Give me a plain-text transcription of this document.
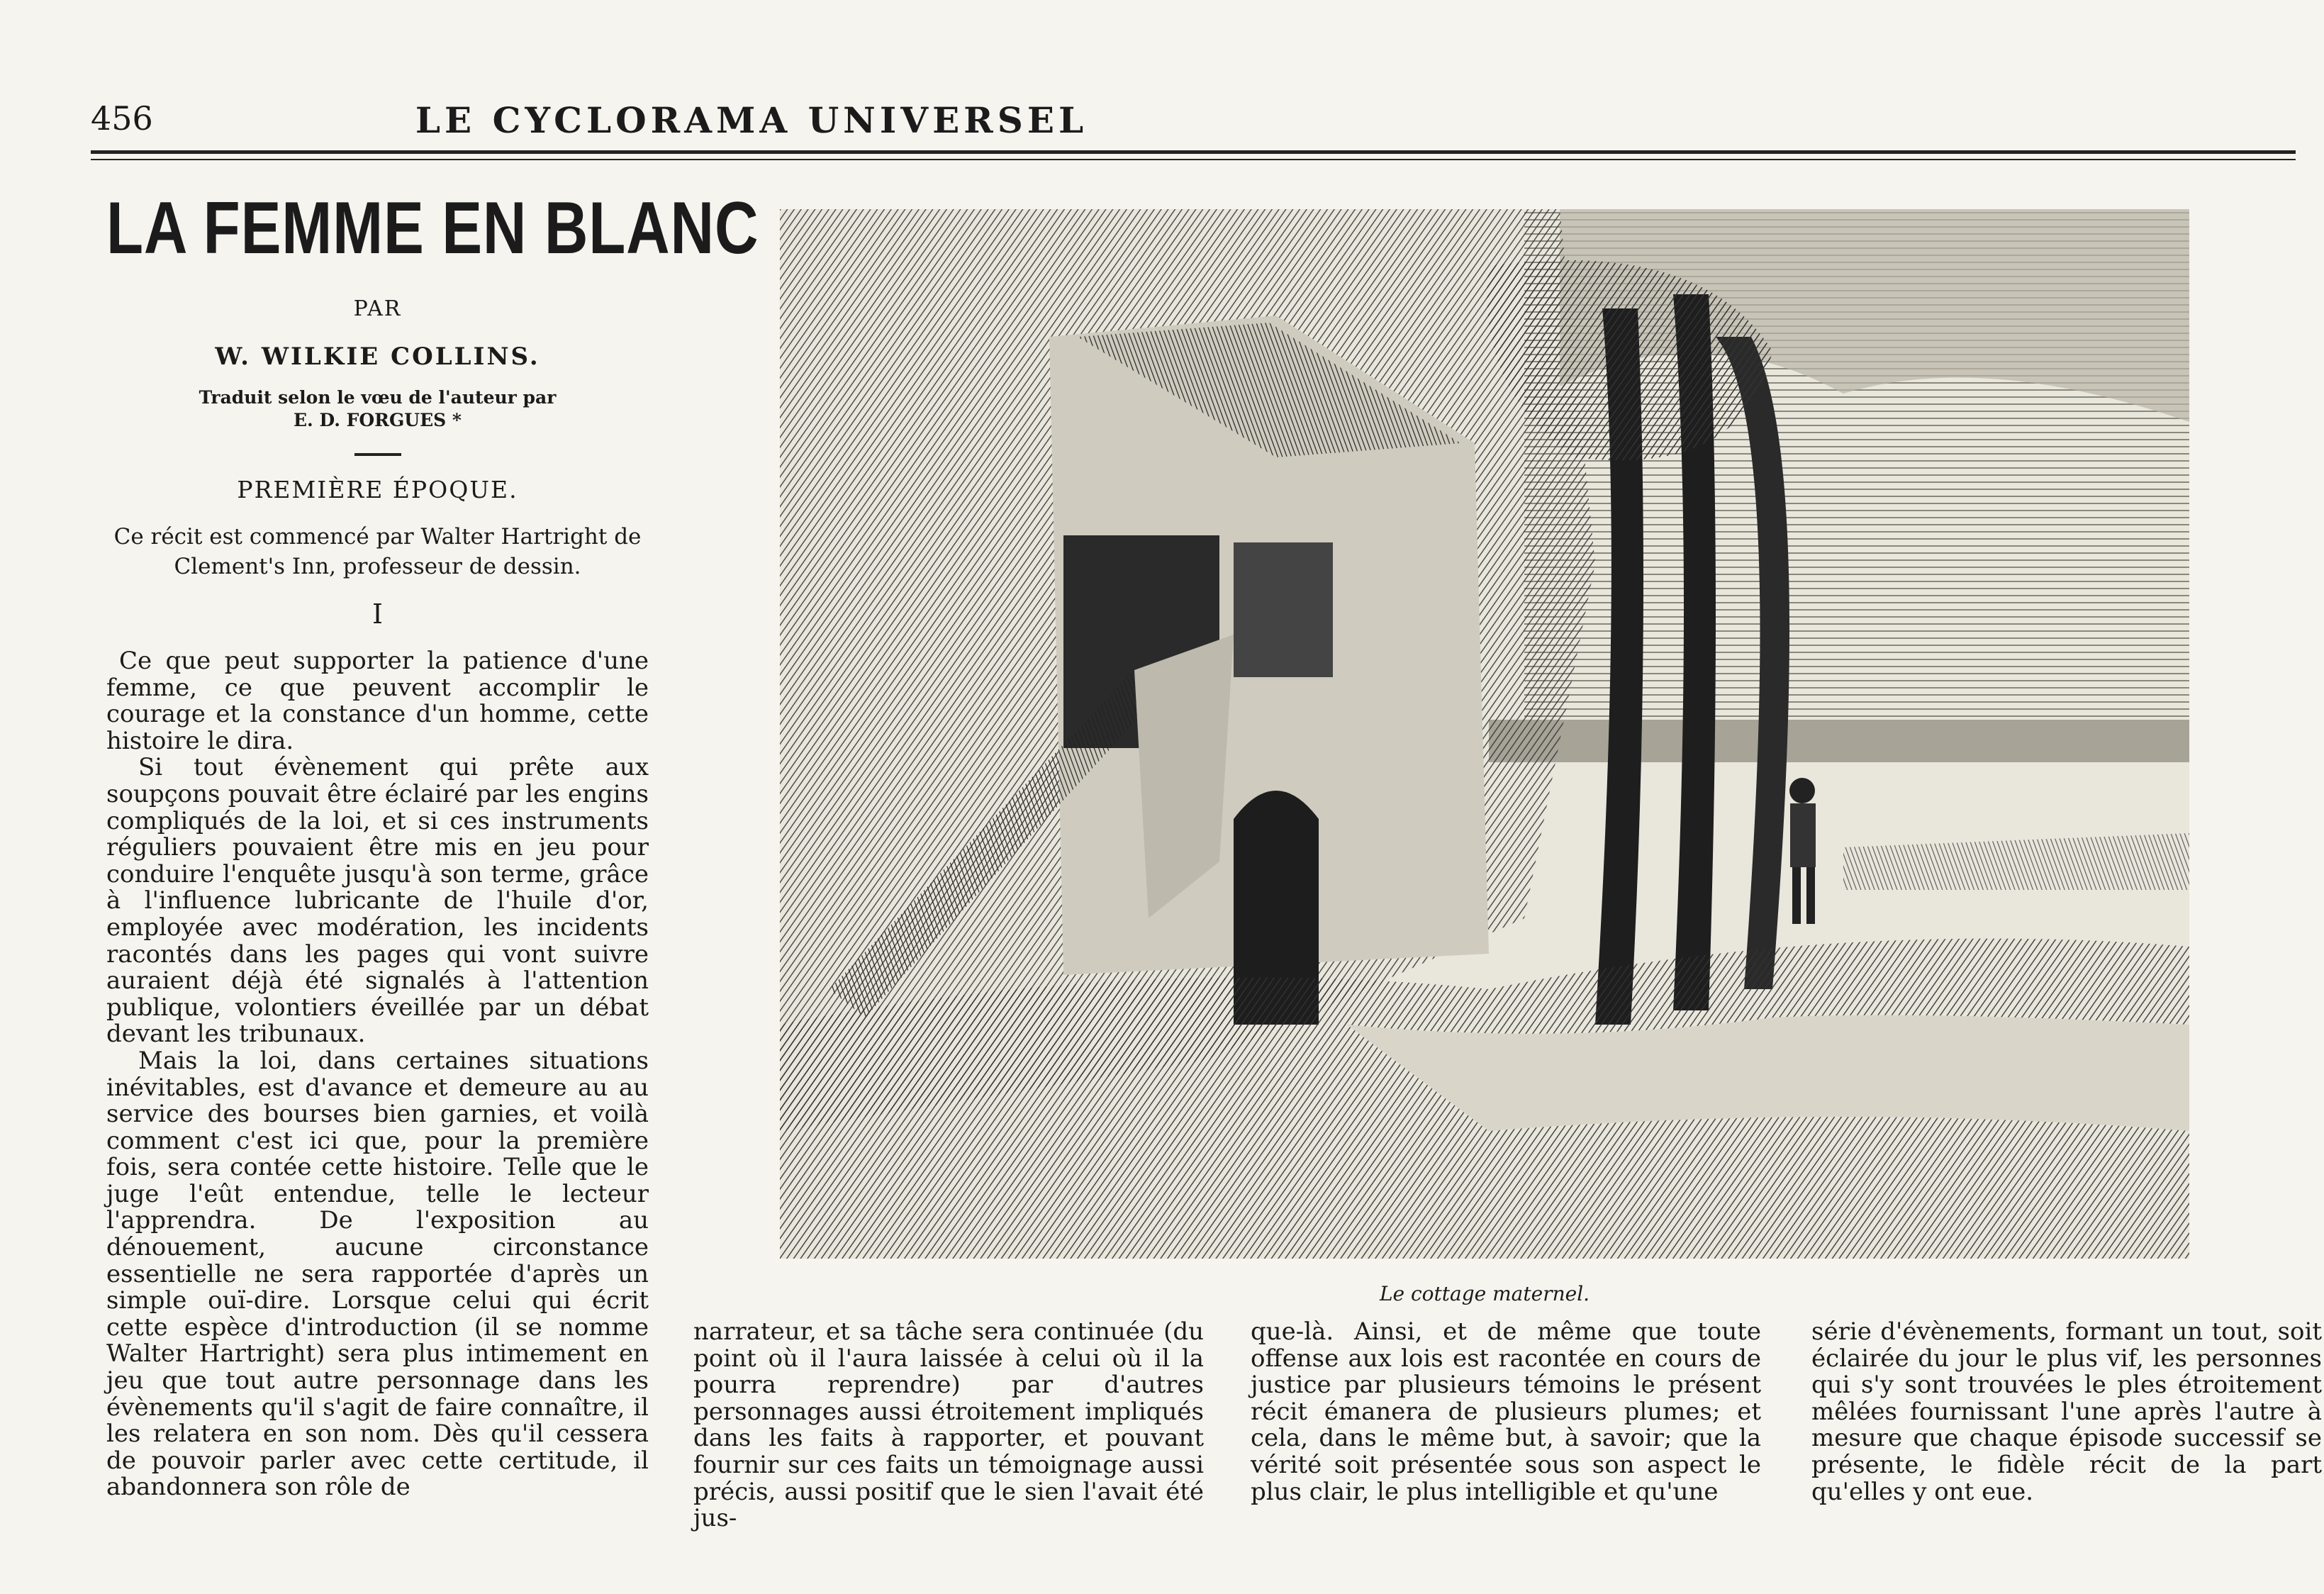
456	LE CYCLORAMA UNIVERSEL
LA FEMME EN BLANC
PAR
W. WILKIE COLLINS.
Traduit selon le vœu de l'auteur par
E. D. FORGUES *
PREMIÈRE ÉPOQUE.
Ce récit est commencé par Walter Hartright de Clement's Inn, professeur de dessin.
I

Ce que peut supporter la patience d'une femme, ce que peuvent accomplir le courage et la constance d'un homme, cette histoire le dira.

Si tout évènement qui prête aux soupçons pouvait être éclairé par les engins compliqués de la loi, et si ces instruments réguliers pouvaient être mis en jeu pour conduire l'enquête jusqu'à son terme, grâce à l'influence lubricante de l'huile d'or, employée avec modération, les incidents racontés dans les pages qui vont suivre auraient déjà été signalés à l'attention publique, volontiers éveillée par un débat devant les tribunaux.

Mais la loi, dans certaines situations inévitables, est d'avance et demeure au au service des bourses bien garnies, et voilà comment c'est ici que, pour la première fois, sera contée cette histoire. Telle que le juge l'eût entendue, telle le lecteur l'apprendra. De l'exposition au dénouement, aucune circonstance essentielle ne sera rapportée d'après un simple ouï-dire. Lorsque celui qui écrit cette espèce d'introduction (il se nomme Walter Hartright) sera plus intimement en jeu que tout autre personnage dans les évènements qu'il s'agit de faire connaître, il les relatera en son nom. Dès qu'il cessera de pouvoir parler avec cette certitude, il abandonnera son rôle de

Le cottage maternel.

narrateur, et sa tâche sera continuée (du point où il l'aura laissée à celui où il la pourra reprendre) par d'autres personnages aussi étroitement impliqués dans les faits à rapporter, et pouvant fournir sur ces faits un témoignage aussi précis, aussi positif que le sien l'avait été jus-

que-là. Ainsi, et de même que toute offense aux lois est racontée en cours de justice par plusieurs témoins le présent récit émanera de plusieurs plumes; et cela, dans le même but, à savoir; que la vérité soit présentée sous son aspect le plus clair, le plus intelligible et qu'une

série d'évènements, formant un tout, soit éclairée du jour le plus vif, les personnes qui s'y sont trouvées le ples étroitement mêlées fournissant l'une après l'autre à mesure que chaque épisode successif se présente, le fidèle récit de la part qu'elles y ont eue.
